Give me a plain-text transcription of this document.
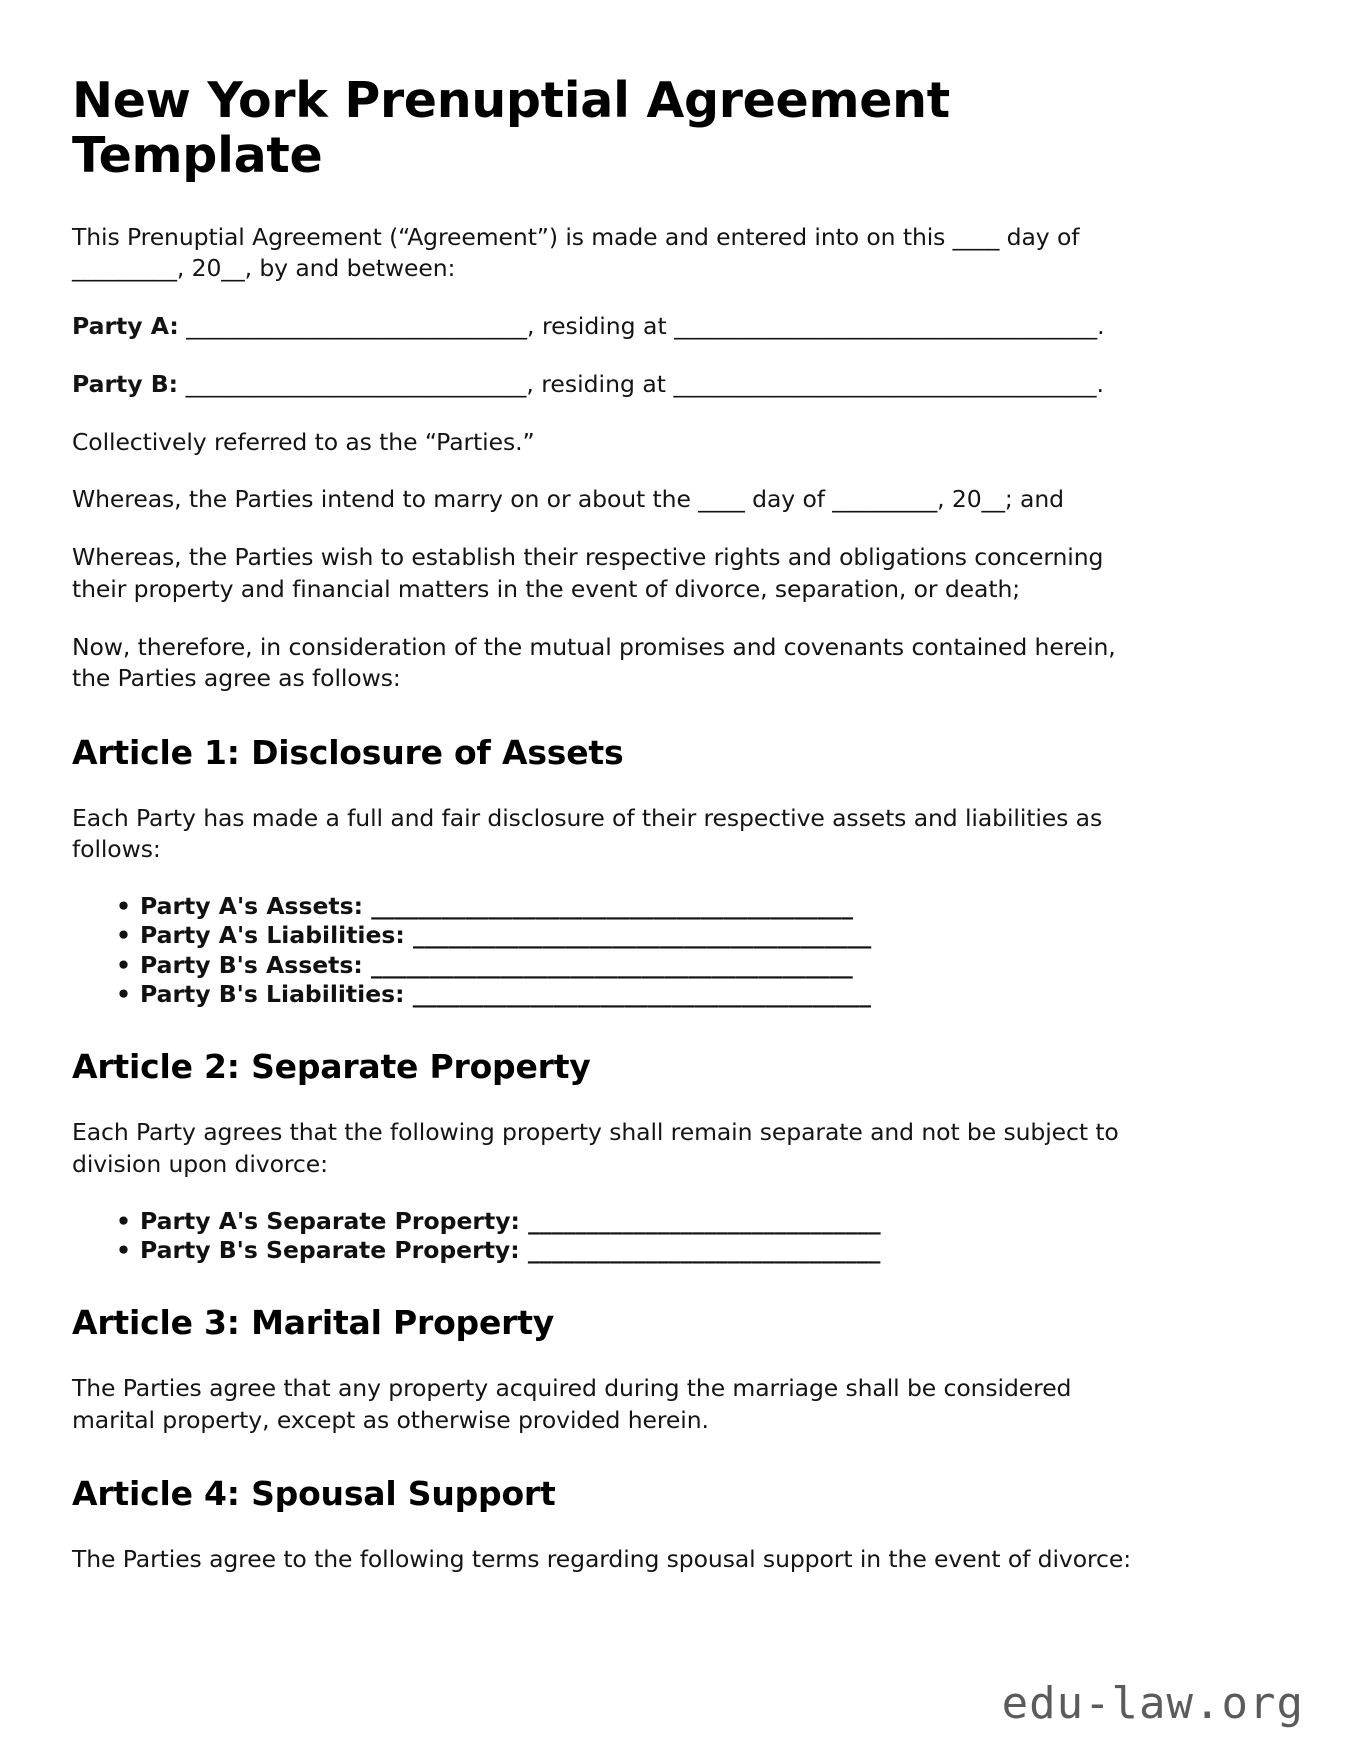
New York Prenuptial Agreement Template

This Prenuptial Agreement (“Agreement”) is made and entered into on this ____ day of _________, 20__, by and between:

Party A: _____________________________, residing at ____________________________________.

Party B: _____________________________, residing at ____________________________________.

Collectively referred to as the “Parties.”

Whereas, the Parties intend to marry on or about the ____ day of _________, 20__; and

Whereas, the Parties wish to establish their respective rights and obligations concerning their property and financial matters in the event of divorce, separation, or death;

Now, therefore, in consideration of the mutual promises and covenants contained herein, the Parties agree as follows:

Article 1: Disclosure of Assets

Each Party has made a full and fair disclosure of their respective assets and liabilities as follows:

• Party A's Assets: _________________________________________
• Party A's Liabilities: _______________________________________
• Party B's Assets: _________________________________________
• Party B's Liabilities: _______________________________________
Article 2: Separate Property

Each Party agrees that the following property shall remain separate and not be subject to division upon divorce:

• Party A's Separate Property: ______________________________
• Party B's Separate Property: ______________________________
Article 3: Marital Property

The Parties agree that any property acquired during the marriage shall be considered marital property, except as otherwise provided herein.

Article 4: Spousal Support

The Parties agree to the following terms regarding spousal support in the event of divorce:

edu-law.org
